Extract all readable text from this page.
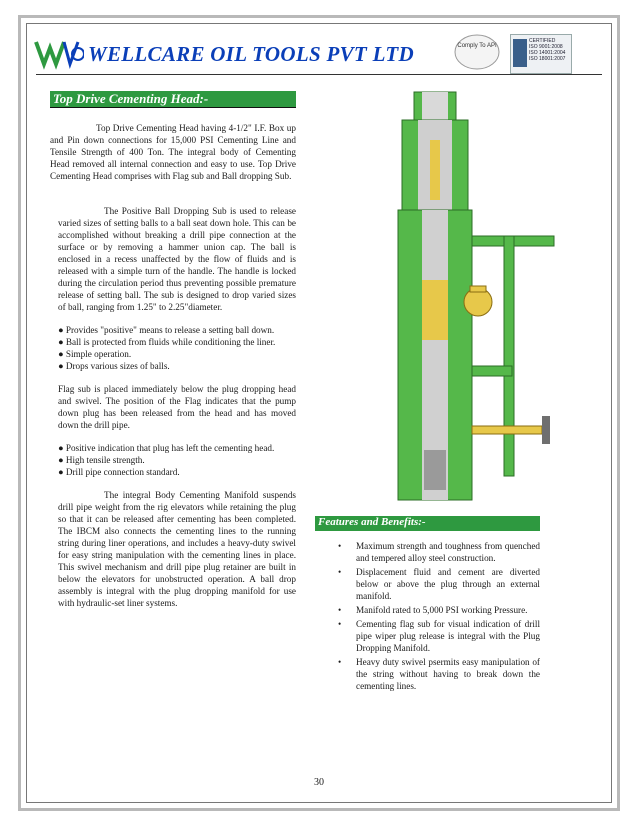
WELLCARE OIL TOOLS PVT LTD	Comply To API
CERTIFIED
ISO 9001:2008
ISO 14001:2004
ISO 18001:2007
Top Drive Cementing Head:-

Top Drive Cementing Head having 4-1/2" I.F. Box up and Pin down connections for 15,000 PSI Cementing Line and Tensile Strength of 400 Ton. The integral body of Cementing Head removed all internal connection and easy to use. Top Drive Cementing Head comprises with Flag sub and Ball dropping Sub.

The Positive Ball Dropping Sub is used to release varied sizes of setting balls to a ball seat down hole. This can be accomplished without breaking a drill pipe connection at the surface or by removing a hammer union cap. The ball is enclosed in a recess unaffected by the flow of fluids and is released with a simple turn of the handle. The handle is locked during the circulation period thus preventing possible premature release of setting ball. The sub is designed to drop varied sizes of ball, ranging from 1.25" to 2.25"diameter.

● Provides "positive" means to release a setting ball down.
● Ball is protected from fluids while conditioning the liner.
● Simple operation.
● Drops various sizes of balls.

Flag sub is placed immediately below the plug dropping head and swivel. The position of the Flag indicates that the pump down plug has been released from the head and has moved down the drill pipe.

● Positive indication that plug has left the cementing head.
● High tensile strength.
● Drill pipe connection standard.

The integral Body Cementing Manifold suspends drill pipe weight from the rig elevators while retaining the plug so that it can be released after cementing has been completed. The IBCM also connects the cementing lines to the running string during liner operations, and includes a heavy-duty swivel for easy string manipulation with the cementing lines in place. This swivel mechanism and drill pipe plug retainer are built in below the elevators for unobstructed operation. A ball drop assembly is integral with the plug dropping manifold for use with hydraulic-set liner systems.

Features and Benefits:-
• Maximum strength and toughness from quenched and tempered alloy steel construction.
• Displacement fluid and cement are diverted below or above the plug through an external manifold.
• Manifold rated to 5,000 PSI working Pressure.
• Cementing flag sub for visual indication of drill pipe wiper plug release is integral with the Plug Dropping Manifold.
• Heavy duty swivel psermits easy manipulation of the string without having to break down the cementing lines.
30
